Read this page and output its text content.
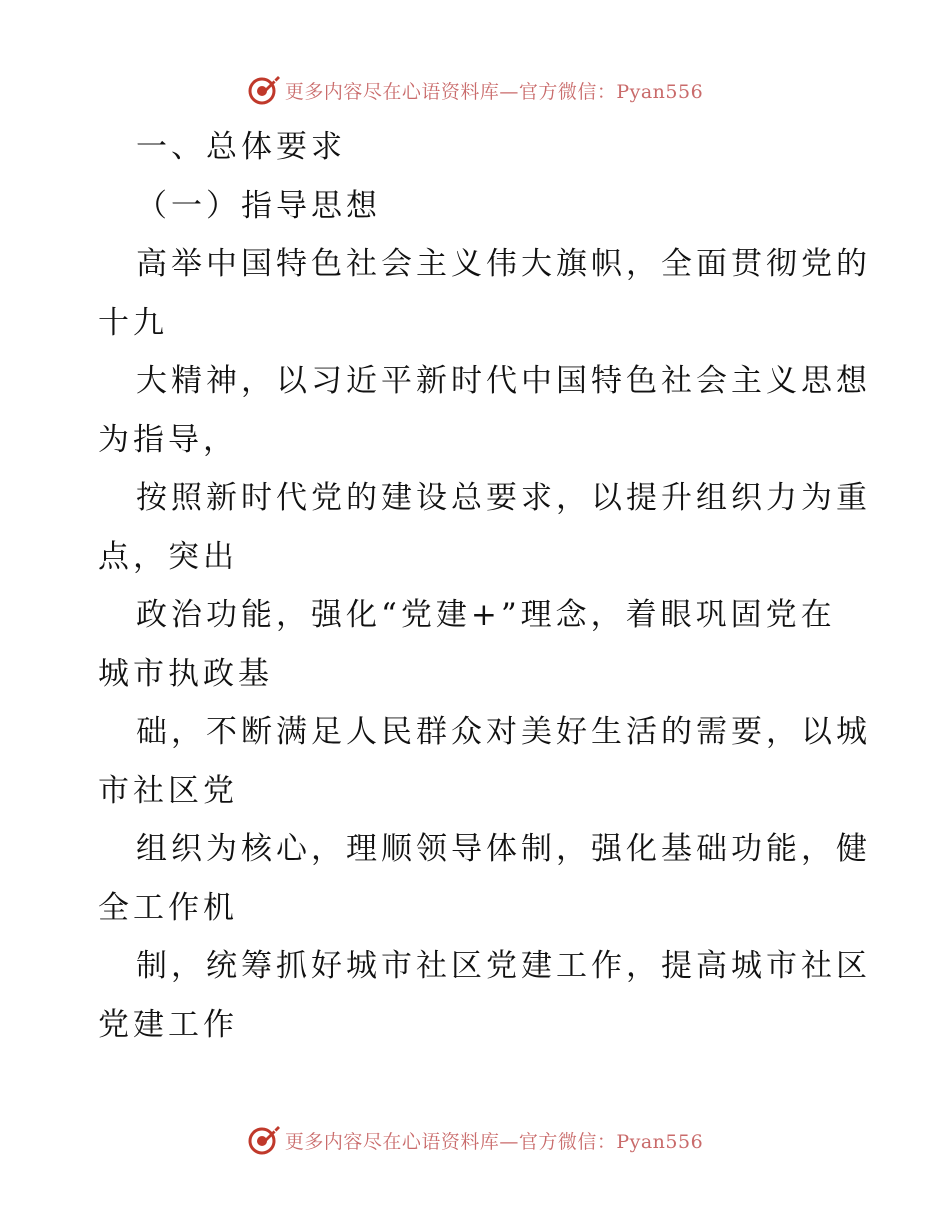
更多内容尽在心语资料库—官方微信：Pyan556
一、总体要求
（一）指导思想
高举中国特色社会主义伟大旗帜，全面贯彻党的
十九
大精神，以习近平新时代中国特色社会主义思想
为指导，
按照新时代党的建设总要求，以提升组织力为重
点，突出
政治功能，强化“党建+”理念，着眼巩固党在
城市执政基
础，不断满足人民群众对美好生活的需要，以城
市社区党
组织为核心，理顺领导体制，强化基础功能，健
全工作机
制，统筹抓好城市社区党建工作，提高城市社区
党建工作
更多内容尽在心语资料库—官方微信：Pyan556
